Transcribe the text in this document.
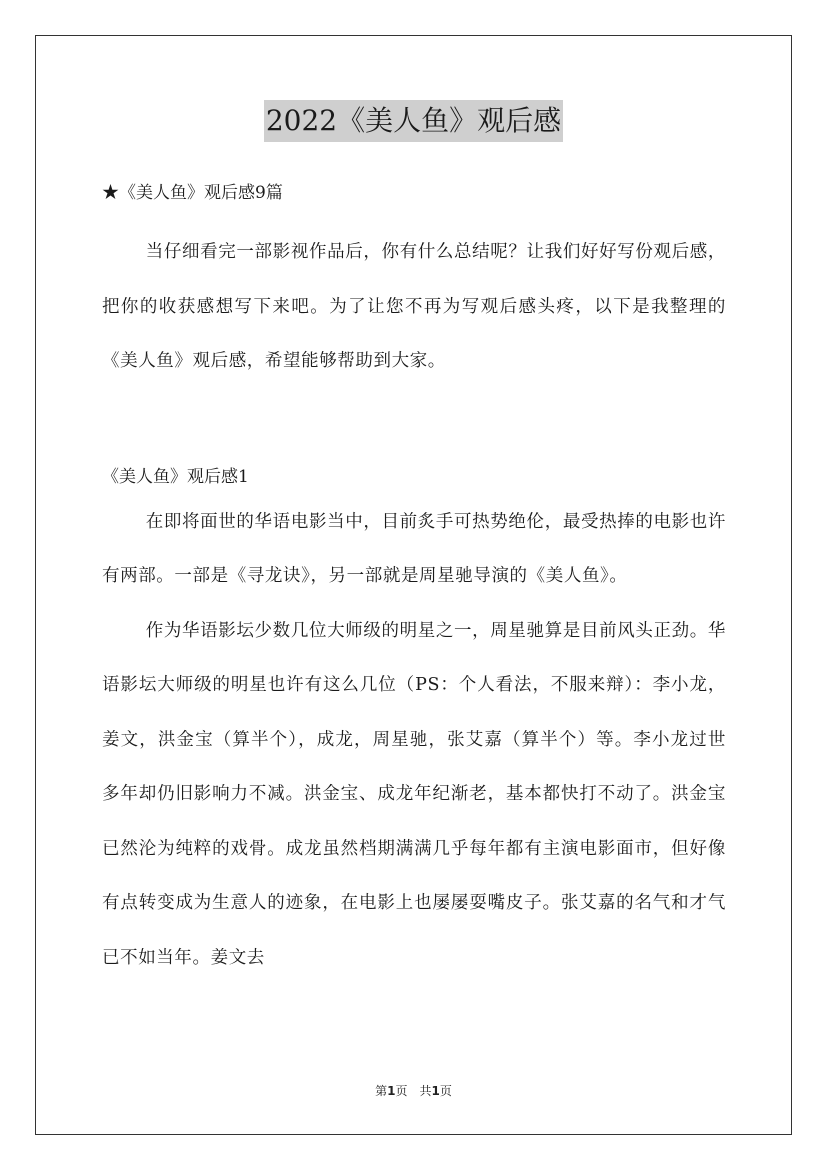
2022《美人鱼》观后感

★《美人鱼》观后感9篇

当仔细看完一部影视作品后，你有什么总结呢？让我们好好写份观后感，把你的收获感想写下来吧。为了让您不再为写观后感头疼，以下是我整理的《美人鱼》观后感，希望能够帮助到大家。

《美人鱼》观后感1

在即将面世的华语电影当中，目前炙手可热势绝伦，最受热捧的电影也许有两部。一部是《寻龙诀》，另一部就是周星驰导演的《美人鱼》。

作为华语影坛少数几位大师级的明星之一，周星驰算是目前风头正劲。华语影坛大师级的明星也许有这么几位（PS：个人看法，不服来辩）：李小龙，姜文，洪金宝（算半个），成龙，周星驰，张艾嘉（算半个）等。李小龙过世多年却仍旧影响力不减。洪金宝、成龙年纪渐老，基本都快打不动了。洪金宝已然沦为纯粹的戏骨。成龙虽然档期满满几乎每年都有主演电影面市，但好像有点转变成为生意人的迹象，在电影上也屡屡耍嘴皮子。张艾嘉的名气和才气已不如当年。姜文去

第1页　共1页
